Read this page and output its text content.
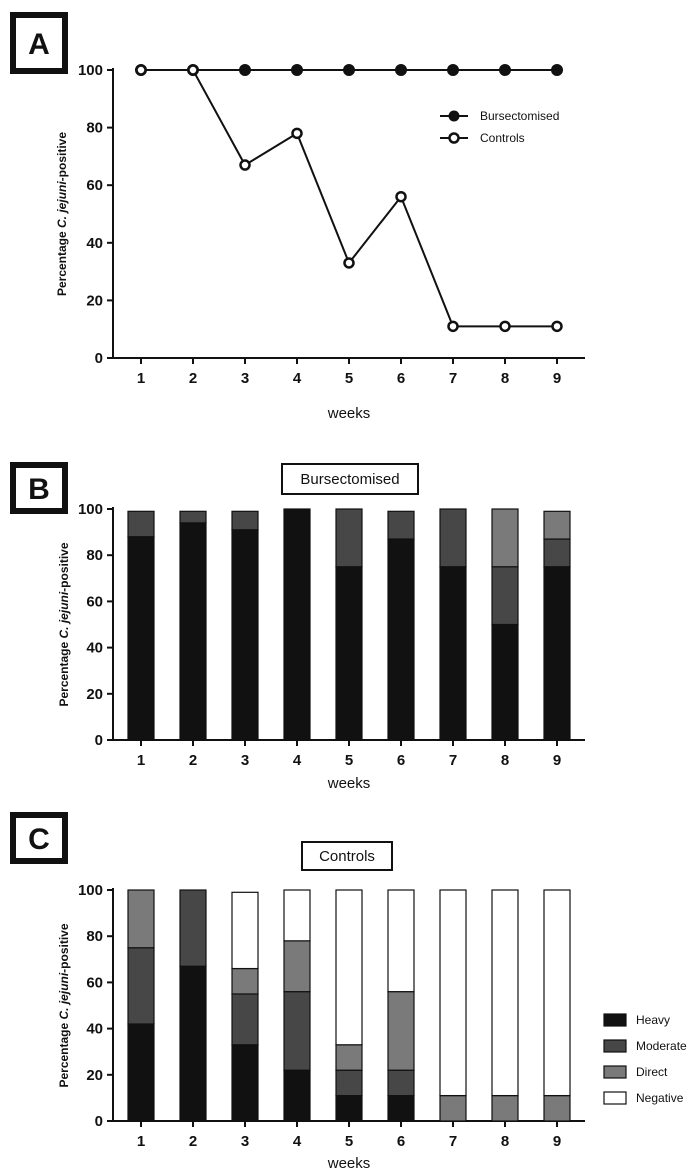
A
0
20
40
60
80
100
1	2	3	4	5	6	7	8	9
weeks
Percentage C. jejuni-positive
Bursectomised
Controls
B	Bursectomised
0
20
40
60
80
100
1	2	3	4	5	6	7	8	9
weeks
Percentage C. jejuni-positive
C
Controls
0
20
40
60
80
100
1	2	3	4	5	6	7	8	9
weeks
Percentage C. jejuni-positive
Heavy
Moderate
Direct
Negative
